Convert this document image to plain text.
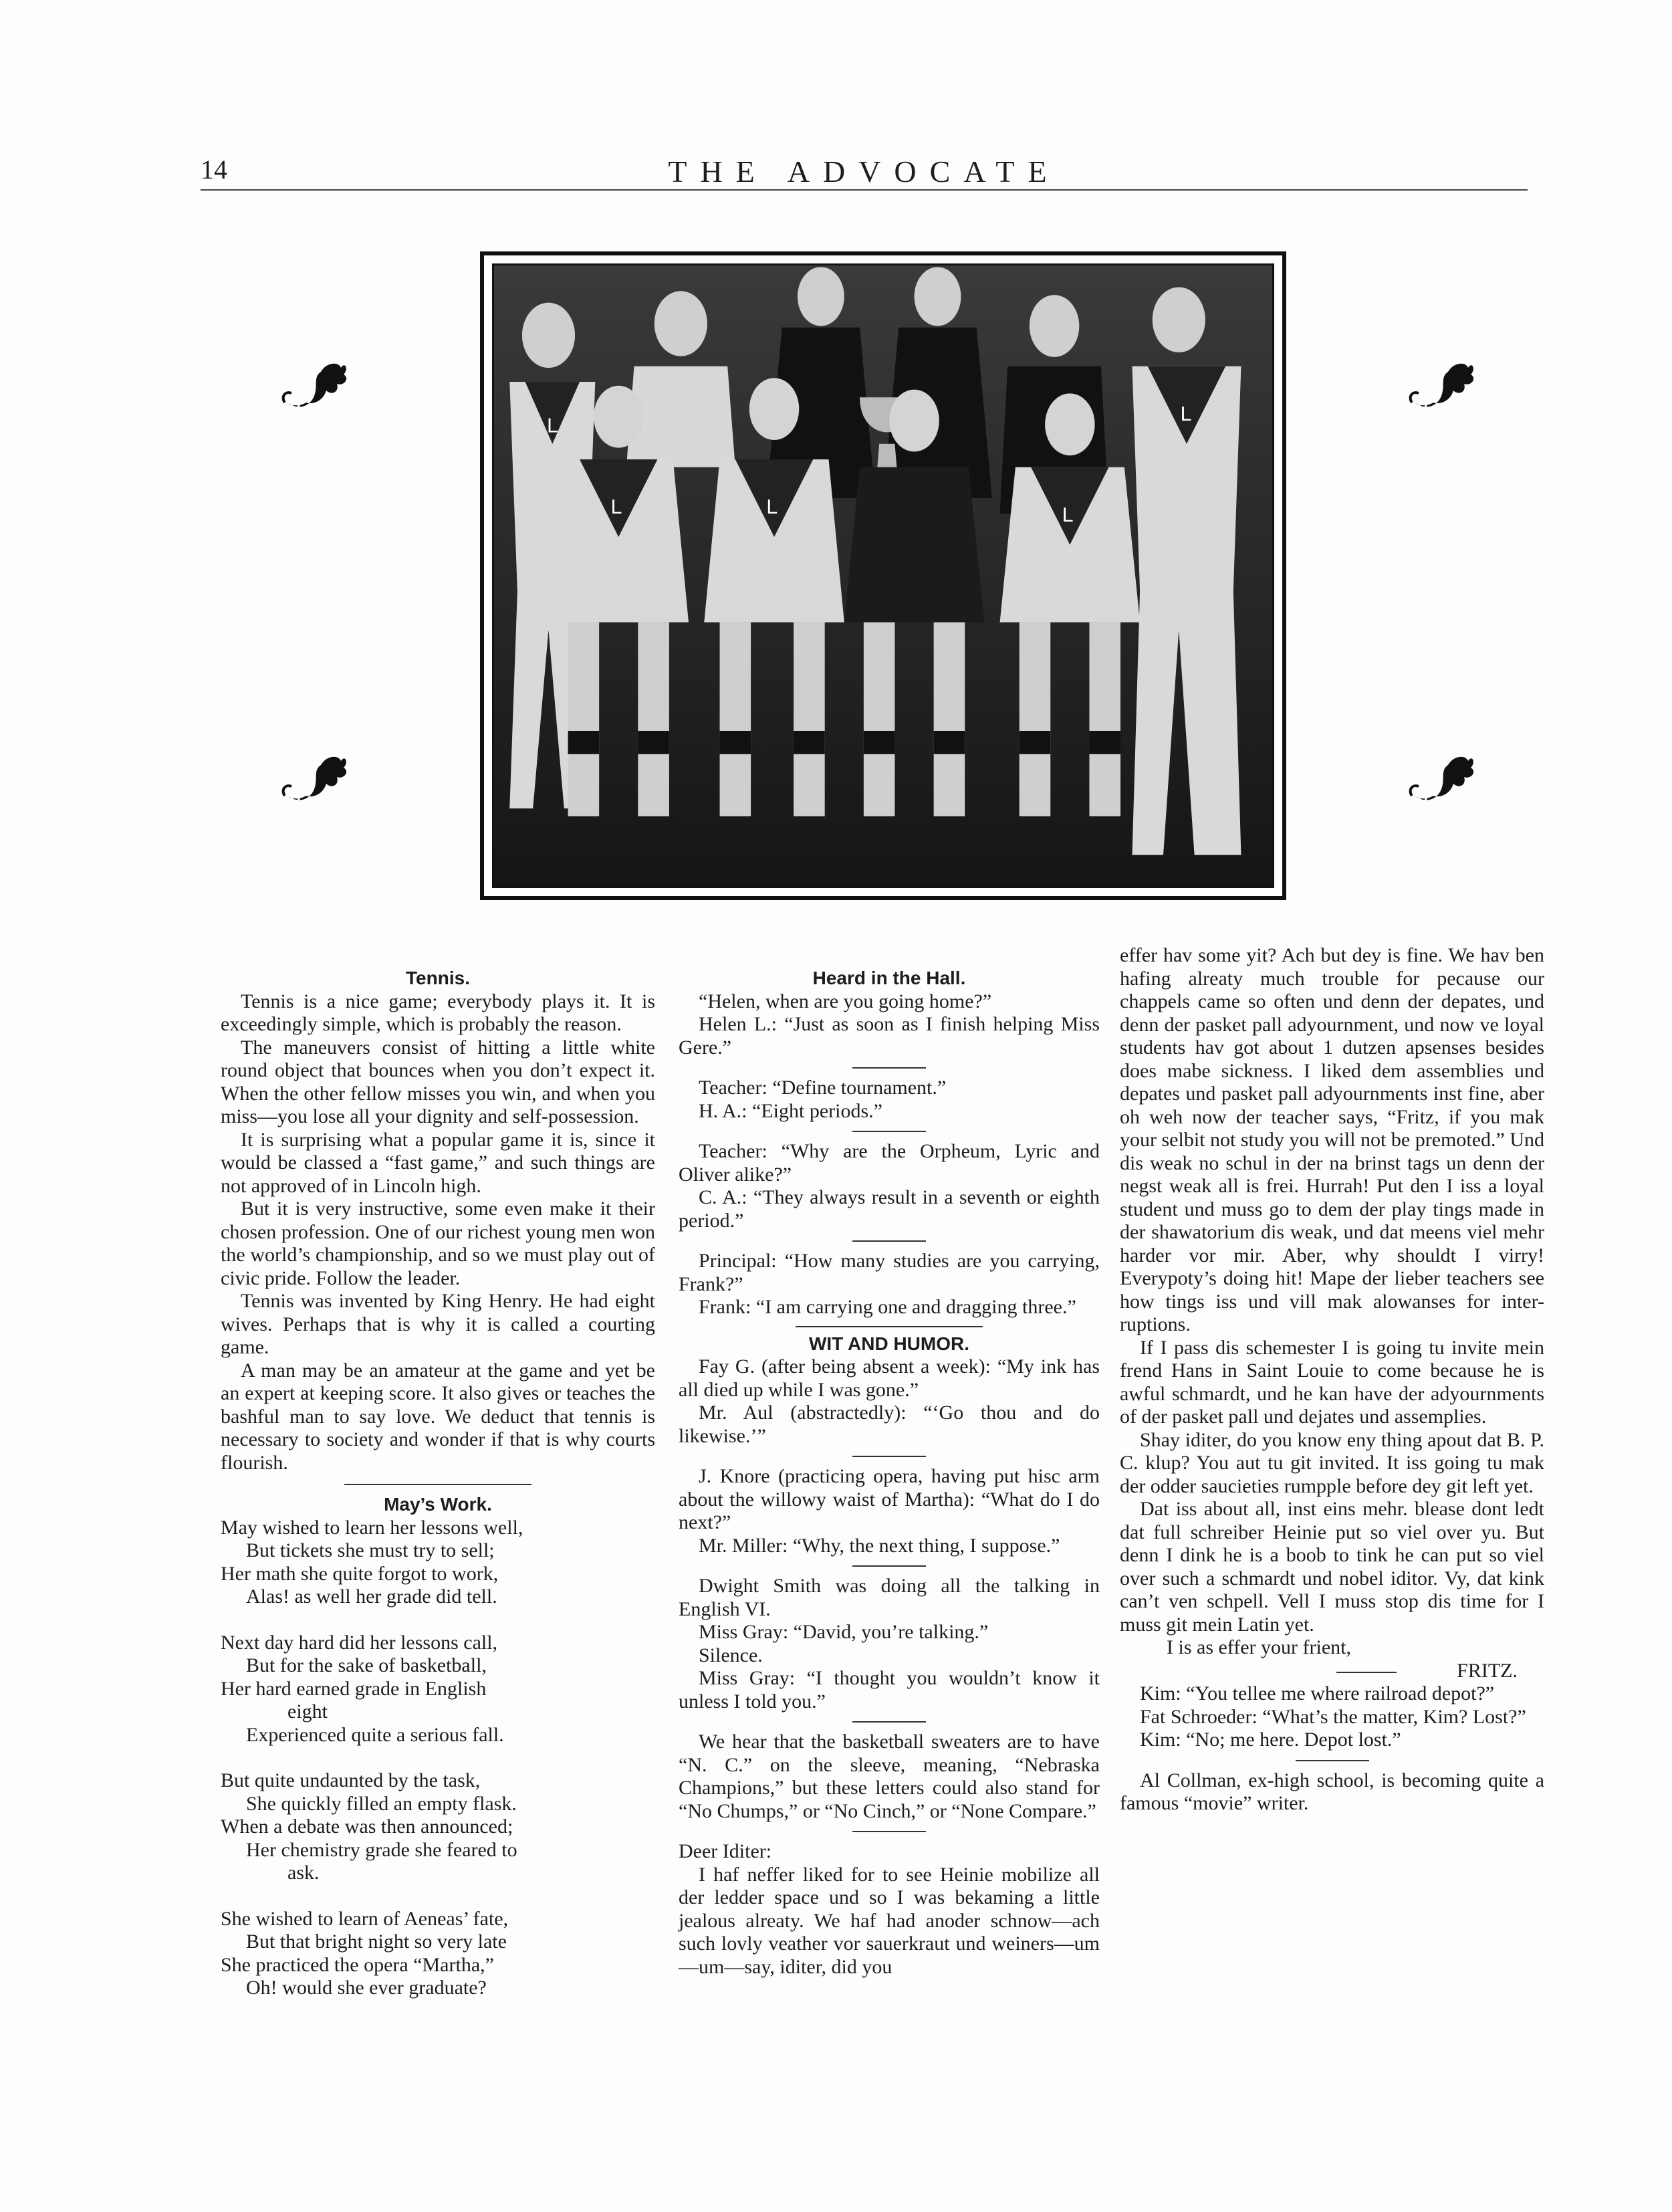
14	THE ADVOCATE
L
L
L	L	L

Tennis.

Tennis is a nice game; everybody plays it. It is exceedingly simple, which is probably the reason.

The maneuvers consist of hitting a little white round object that bounces when you don’t expect it. When the other fellow misses you win, and when you miss—you lose all your dignity and self-possession.

It is surprising what a popular game it is, since it would be classed a “fast game,” and such things are not approved of in Lincoln high.

But it is very instructive, some even make it their chosen profession. One of our richest young men won the world’s championship, and so we must play out of civic pride. Follow the leader.

Tennis was invented by King Henry. He had eight wives. Perhaps that is why it is called a courting game.

A man may be an amateur at the game and yet be an expert at keeping score. It also gives or teaches the bashful man to say love. We deduct that tennis is necessary to society and wonder if that is why courts flourish.

May’s Work.

May wished to learn her lessons well,

But tickets she must try to sell;

Her math she quite forgot to work,

Alas! as well her grade did tell.

Next day hard did her lessons call,

But for the sake of basketball,

Her hard earned grade in English

eight

Experienced quite a serious fall.

But quite undaunted by the task,

She quickly filled an empty flask.

When a debate was then announced;

Her chemistry grade she feared to

ask.

She wished to learn of Aeneas’ fate,

But that bright night so very late

She practiced the opera “Martha,”

Oh! would she ever graduate?

Heard in the Hall.

“Helen, when are you going home?”

Helen L.: “Just as soon as I finish helping Miss Gere.”

Teacher: “Define tournament.”

H. A.: “Eight periods.”

Teacher: “Why are the Orpheum, Lyric and Oliver alike?”

C. A.: “They always result in a seventh or eighth period.”

Principal: “How many studies are you carrying, Frank?”

Frank: “I am carrying one and dragging three.”

WIT AND HUMOR.

Fay G. (after being absent a week): “My ink has all died up while I was gone.”

Mr. Aul (abstractedly): “‘Go thou and do likewise.’”

J. Knore (practicing opera, having put hisc arm about the willowy waist of Martha): “What do I do next?”

Mr. Miller: “Why, the next thing, I suppose.”

Dwight Smith was doing all the talking in English VI.

Miss Gray: “David, you’re talking.”

Silence.

Miss Gray: “I thought you wouldn’t know it unless I told you.”

We hear that the basketball sweaters are to have “N. C.” on the sleeve, meaning, “Nebraska Champions,” but these letters could also stand for “No Chumps,” or “No Cinch,” or “None Compare.”

Deer Iditer:

I haf neffer liked for to see Heinie mobilize all der ledder space und so I was bekaming a little jealous alreaty. We haf had anoder schnow—ach such lovly veather vor sauerkraut und weiners—um—um—say, iditer, did you

effer hav some yit? Ach but dey is fine. We hav ben hafing alreaty much trouble for pecause our chappels came so often und denn der depates, und denn der pasket pall adyournment, und now ve loyal students hav got about 1 dutzen apsenses besides does mabe sickness. I liked dem assemblies und depates und pasket pall adyournments inst fine, aber oh weh now der teacher says, “Fritz, if you mak your selbit not study you will not be premoted.” Und dis weak no schul in der na brinst tags un denn der negst weak all is frei. Hurrah! Put den I iss a loyal student und muss go to dem der play tings made in der shawatorium dis weak, und dat meens viel mehr harder vor mir. Aber, why shouldt I virry! Everypoty’s doing hit! Mape der lieber teachers see how tings iss und vill mak alowanses for inter-ruptions.

If I pass dis schemester I is going tu invite mein frend Hans in Saint Louie to come because he is awful schmardt, und he kan have der adyournments of der pasket pall und dejates und assemplies.

Shay iditer, do you know eny thing apout dat B. P. C. klup? You aut tu git invited. It iss going tu mak der odder saucieties rumpple before dey git left yet.

Dat iss about all, inst eins mehr. blease dont ledt dat full schreiber Heinie put so viel over yu. But denn I dink he is a boob to tink he can put so viel over such a schmardt und nobel iditor. Vy, dat kink can’t ven schpell. Vell I muss stop dis time for I muss git mein Latin yet.

I is as effer your frient,

FRITZ.

Kim: “You tellee me where railroad depot?”

Fat Schroeder: “What’s the matter, Kim? Lost?”

Kim: “No; me here. Depot lost.”

Al Collman, ex-high school, is becoming quite a famous “movie” writer.
